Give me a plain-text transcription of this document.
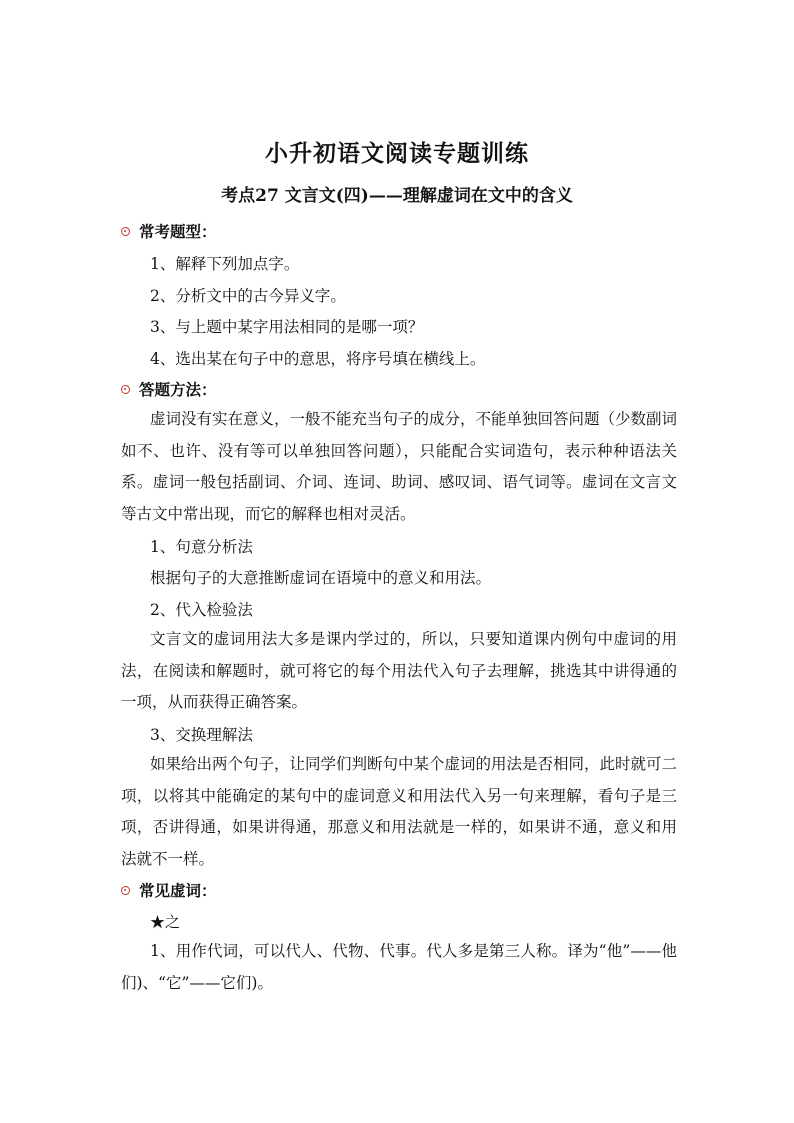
小升初语文阅读专题训练
考点27 文言文(四)——理解虚词在文中的含义
常考题型：
1、解释下列加点字。
2、分析文中的古今异义字。
3、与上题中某字用法相同的是哪一项？
4、选出某在句子中的意思，将序号填在横线上。
答题方法：
虚词没有实在意义，一般不能充当句子的成分，不能单独回答问题（少数副词如不、也许、没有等可以单独回答问题），只能配合实词造句，表示种种语法关系。虚词一般包括副词、介词、连词、助词、感叹词、语气词等。虚词在文言文等古文中常出现，而它的解释也相对灵活。
1、句意分析法
根据句子的大意推断虚词在语境中的意义和用法。
2、代入检验法
文言文的虚词用法大多是课内学过的，所以，只要知道课内例句中虚词的用法，在阅读和解题时，就可将它的每个用法代入句子去理解，挑选其中讲得通的一项，从而获得正确答案。
3、交换理解法
如果给出两个句子，让同学们判断句中某个虚词的用法是否相同，此时就可二项，以将其中能确定的某句中的虚词意义和用法代入另一句来理解，看句子是三项，否讲得通，如果讲得通，那意义和用法就是一样的，如果讲不通，意义和用法就不一样。
常见虚词：
★之
1、用作代词，可以代人、代物、代事。代人多是第三人称。译为“他”——他们)、“它”——它们)。
